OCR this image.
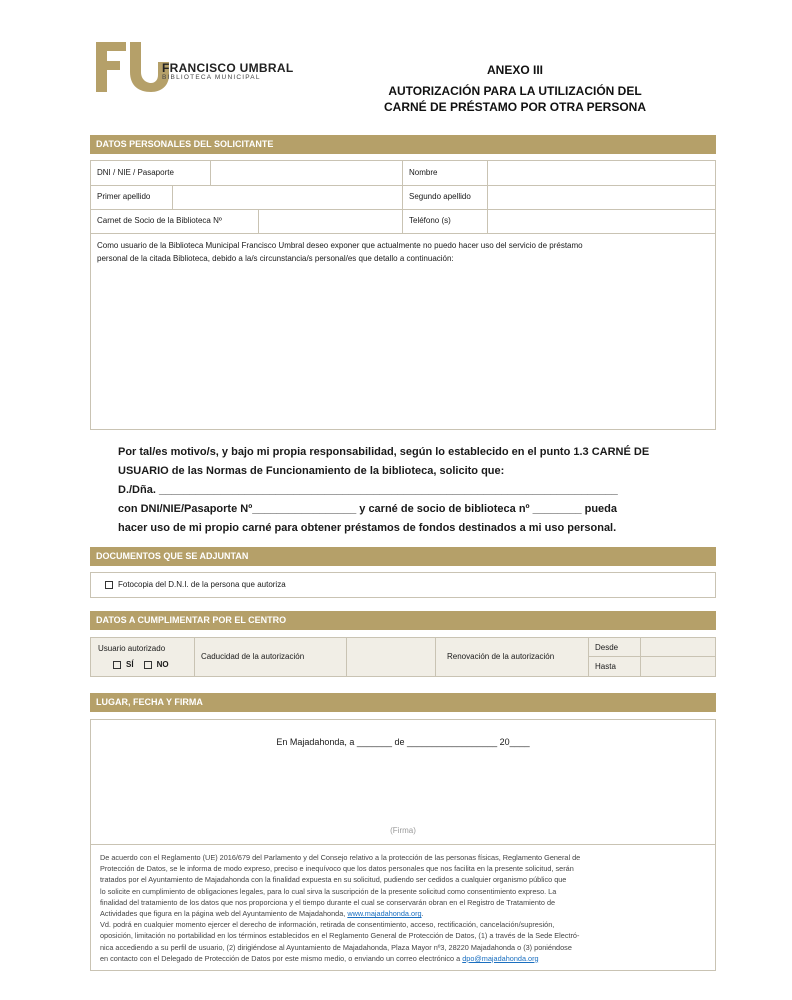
FRANCISCO UMBRAL
BIBLIOTECA MUNICIPAL
ANEXO III
AUTORIZACIÓN PARA LA UTILIZACIÓN DEL
CARNÉ DE PRÉSTAMO POR OTRA PERSONA
DATOS PERSONALES DEL SOLICITANTE
DNI / NIE / Pasaporte	Nombre
Primer apellido	Segundo apellido
Carnet de Socio de la Biblioteca Nº	Teléfono (s)
Como usuario de la Biblioteca Municipal Francisco Umbral deseo exponer que actualmente no puedo hacer uso del servicio de préstamo
personal de la citada Biblioteca, debido a la/s circunstancia/s personal/es que detallo a continuación:
Por tal/es motivo/s, y bajo mi propia responsabilidad, según lo establecido en el punto 1.3 CARNÉ DE
USUARIO de las Normas de Funcionamiento de la biblioteca, solicito que:
D./Dña. ___________________________________________________________________________
con DNI/NIE/Pasaporte Nº_________________ y carné de socio de biblioteca nº ________ pueda
hacer uso de mi propio carné para obtener préstamos de fondos destinados a mi uso personal.
DOCUMENTOS QUE SE ADJUNTAN
Fotocopia del D.N.I. de la persona que autoriza
DATOS A CUMPLIMENTAR POR EL CENTRO
Usuario autorizado
SÍ	NO
Caducidad de la autorización	Renovación de la autorización
Desde
Hasta
LUGAR, FECHA Y FIRMA
En Majadahonda, a _______ de __________________ 20____
(Firma)
De acuerdo con el Reglamento (UE) 2016/679 del Parlamento y del Consejo relativo a la protección de las personas físicas, Reglamento General de
Protección de Datos, se le informa de modo expreso, preciso e inequívoco que los datos personales que nos facilita en la presente solicitud, serán
tratados por el Ayuntamiento de Majadahonda con la finalidad expuesta en su solicitud, pudiendo ser cedidos a cualquier organismo público que
lo solicite en cumplimiento de obligaciones legales, para lo cual sirva la suscripción de la presente solicitud como consentimiento expreso. La
finalidad del tratamiento de los datos que nos proporciona y el tiempo durante el cual se conservarán obran en el Registro de Tratamiento de
Actividades que figura en la página web del Ayuntamiento de Majadahonda, www.majadahonda.org.
Vd. podrá en cualquier momento ejercer el derecho de información, retirada de consentimiento, acceso, rectificación, cancelación/supresión,
oposición, limitación no portabilidad en los términos establecidos en el Reglamento General de Protección de Datos, (1) a través de la Sede Electró-
nica accediendo a su perfil de usuario, (2) dirigiéndose al Ayuntamiento de Majadahonda, Plaza Mayor nº3, 28220 Majadahonda o (3) poniéndose
en contacto con el Delegado de Protección de Datos por este mismo medio, o enviando un correo electrónico a dpo@majadahonda.org
